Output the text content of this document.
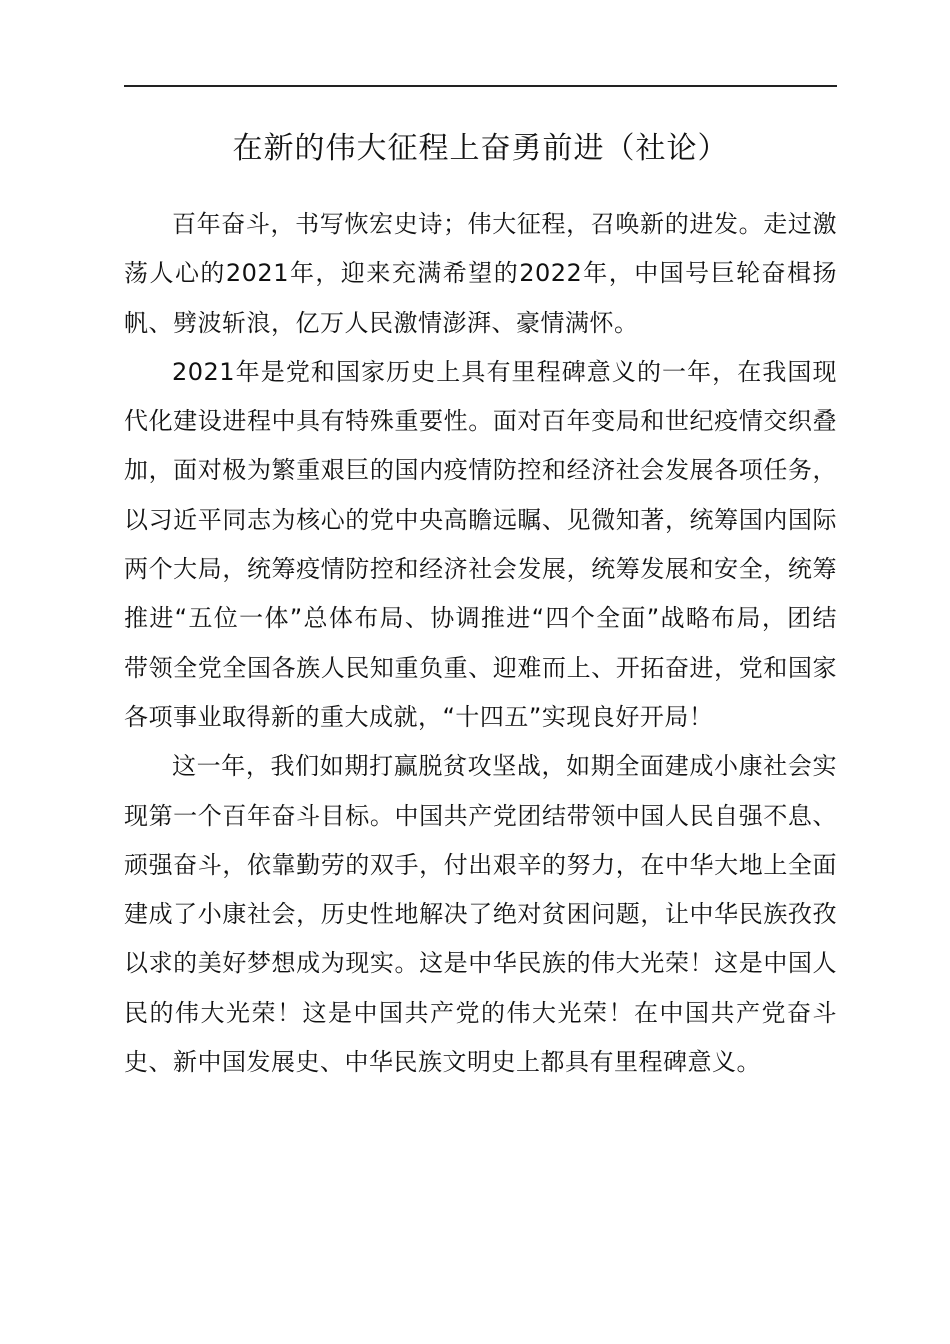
在新的伟大征程上奋勇前进（社论）

百年奋斗，书写恢宏史诗；伟大征程，召唤新的进发。走过激荡人心的2021年，迎来充满希望的2022年，中国号巨轮奋楫扬帆、劈波斩浪，亿万人民激情澎湃、豪情满怀。

2021年是党和国家历史上具有里程碑意义的一年，在我国现代化建设进程中具有特殊重要性。面对百年变局和世纪疫情交织叠加，面对极为繁重艰巨的国内疫情防控和经济社会发展各项任务，以习近平同志为核心的党中央高瞻远瞩、见微知著，统筹国内国际两个大局，统筹疫情防控和经济社会发展，统筹发展和安全，统筹推进“五位一体”总体布局、协调推进“四个全面”战略布局，团结带领全党全国各族人民知重负重、迎难而上、开拓奋进，党和国家各项事业取得新的重大成就，“十四五”实现良好开局！

这一年，我们如期打赢脱贫攻坚战，如期全面建成小康社会实现第一个百年奋斗目标。中国共产党团结带领中国人民自强不息、顽强奋斗，依靠勤劳的双手，付出艰辛的努力，在中华大地上全面建成了小康社会，历史性地解决了绝对贫困问题，让中华民族孜孜以求的美好梦想成为现实。这是中华民族的伟大光荣！这是中国人民的伟大光荣！这是中国共产党的伟大光荣！在中国共产党奋斗史、新中国发展史、中华民族文明史上都具有里程碑意义。
